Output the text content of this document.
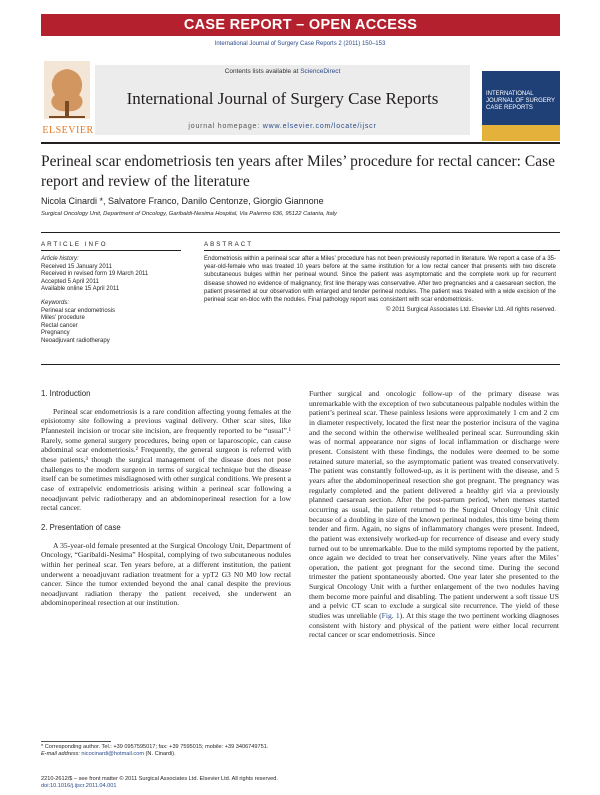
CASE REPORT – OPEN ACCESS
International Journal of Surgery Case Reports 2 (2011) 150–153
ELSEVIER
Contents lists available at ScienceDirect
International Journal of Surgery Case Reports
journal homepage: www.elsevier.com/locate/ijscr
INTERNATIONAL JOURNAL OF SURGERY CASE REPORTS
Perineal scar endometriosis ten years after Miles’ procedure for rectal cancer: Case report and review of the literature
Nicola Cinardi *, Salvatore Franco, Danilo Centonze, Giorgio Giannone
Surgical Oncology Unit, Department of Oncology, Garibaldi-Nesima Hospital, Via Palermo 636, 95122 Catania, Italy
ARTICLE INFO	ABSTRACT
Article history:
Received 15 January 2011
Received in revised form 19 March 2011
Accepted 5 April 2011
Available online 15 April 2011
Keywords:
Perineal scar endometriosis
Miles’ procedure
Rectal cancer
Pregnancy
Neoadjuvant radiotherapy
Endometriosis within a perineal scar after a Miles’ procedure has not been previously reported in literature. We report a case of a 35-year-old-female who was treated 10 years before at the same institution for a low rectal cancer that presents with two discrete subcutaneous bulges within her perineal wound. Since the patient was asymptomatic and the complete work up for recurrent disease showed no evidence of malignancy, first line therapy was conservative. After two pregnancies and a caesarean section, the patient presented at our observation with enlarged and tender perineal nodules. The patient was treated with a wide excision of the perineal scar en-bloc with the nodules. Final pathology report was consistent with scar endometriosis.
© 2011 Surgical Associates Ltd. Elsevier Ltd. All rights reserved.
1. Introduction

Perineal scar endometriosis is a rare condition affecting young females at the episiotomy site following a previous vaginal delivery. Other scar sites, like Pfannesteil incision or trocar site incision, are frequently reported to be “usual”.¹ Rarely, some general surgery procedures, being open or laparoscopic, can cause abdominal scar endometriosis.² Frequently, the general surgeon is referred with these patients,³ though the surgical management of the disease does not pose challenges to the modern surgeon in terms of surgical technique but the disease itself can be sometimes misdiagnosed with other surgical conditions. We present a case of extrapelvic endometriosis arising within a perineal scar following a neoadjuvant pelvic radiotherapy and an abdominoperineal resection for a low rectal cancer.

2. Presentation of case

A 35-year-old female presented at the Surgical Oncology Unit, Department of Oncology, “Garibaldi-Nesima” Hospital, complying of two subcutaneous nodules within her perineal scar. Ten years before, at a different institution, the patient underwent a neoadjuvant radiation treatment for a ypT2 G3 N0 M0 low rectal cancer. Since the tumor extended beyond the anal canal despite the previous neoadjuvant radiation therapy the patient received, she underwent an abdominoperineal resection at our institution.

Further surgical and oncologic follow-up of the primary disease was unremarkable with the exception of two subcutaneous palpable nodules within the patient’s perineal scar. These painless lesions were approximately 1 cm and 2 cm in diameter respectively, located the first near the posterior incisura of the vagina and the second within the otherwise wellhealed perineal scar. Surrounding skin was of normal appearance nor signs of local inflammation or discharge were present. Consistent with these findings, the nodules were deemed to be some retained suture material, so the asymptomatic patient was treated conservatively. The patient was constantly followed-up, as it is pertinent with the disease, and 5 years after the abdominoperineal resection she got pregnant. The pregnancy was regularly completed and the patient delivered a healthy girl via a previously planned caesarean section. After the post-partum period, when menses started occurring as usual, the patient returned to the Surgical Oncology Unit clinic because of a doubling in size of the known perineal nodules, this time being them tender and firm. Again, no signs of inflammatory changes were present. Indeed, the patient was extensively worked-up for recurrence of disease and every study turned out to be unremarkable. Due to the mild symptoms reported by the patient, once again we decided to treat her conservatively. Nine years after the Miles’ operation, the patient got pregnant for the second time. During the second trimester the patient spontaneously aborted. One year later she presented to the Surgical Oncology Unit with a further enlargement of the two nodules having them become more painful and disabling. The patient underwent a soft tissue US and a pelvic CT scan to exclude a surgical site recurrence. The yield of these studies was unreliable (Fig. 1). At this stage the two pertinent working diagnoses consistent with history and physical of the patient were either local recurrent rectal cancer or scar endometriosis. Since

* Corresponding author. Tel.: +39 0957595017; fax: +39 7595015; mobile: +39 3406749751.
E-mail address: nicocinardi@hotmail.com (N. Cinardi).
2210-2612/$ – see front matter © 2011 Surgical Associates Ltd. Elsevier Ltd. All rights reserved.
doi:10.1016/j.ijscr.2011.04.001
